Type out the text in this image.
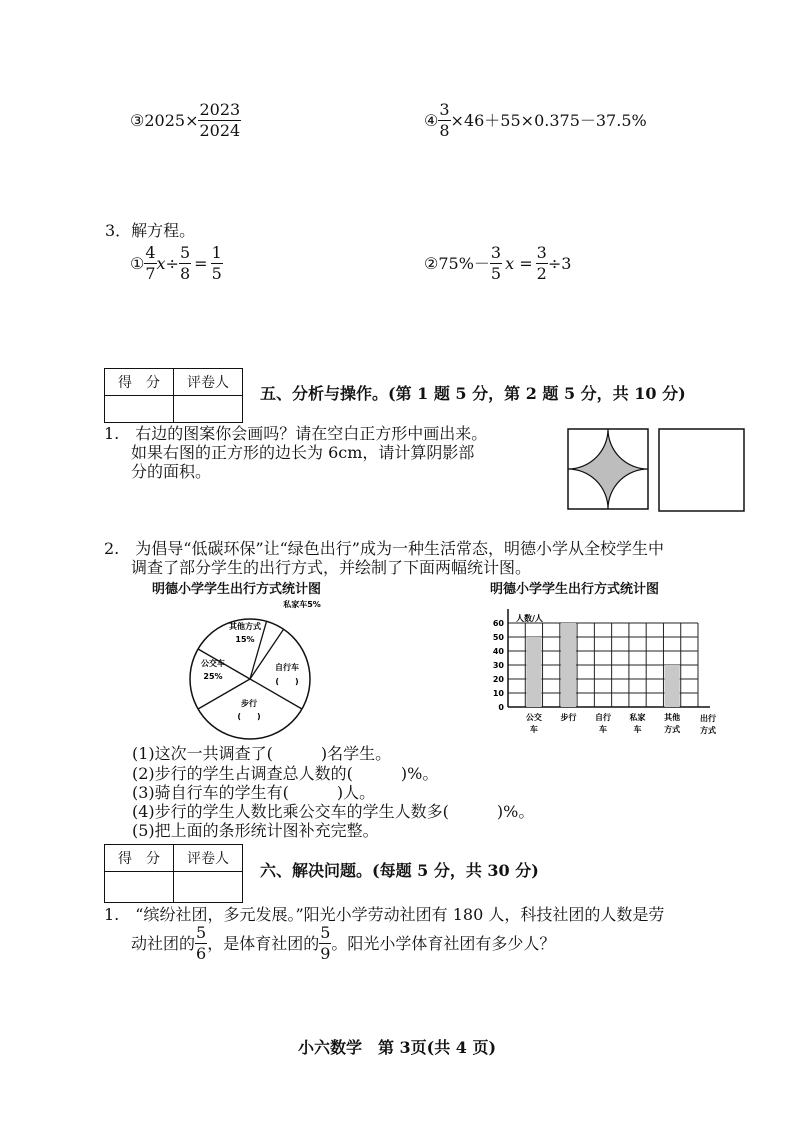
③ $2025\times \frac{2023}{2024}$	④ $\frac{3}{8} \times 46+55\times 0.375-37.5\%$
3．解方程。
① $\frac{4}{7} x\div \frac{5}{8} = \frac{1}{5}$	②75%－ $\frac{3}{5}$ $x = \frac{3}{2} \div 3$
得　分	评卷人

五、分析与操作。(第 1 题 5 分，第 2 题 5 分，共 10 分)
1.　右边的图案你会画吗？请在空白正方形中画出来。
如果右图的正方形的边长为 6cm，请计算阴影部
分的面积。
2.　为倡导“低碳环保”让“绿色出行”成为一种生活常态，明德小学从全校学生中
调查了部分学生的出行方式，并绘制了下面两幅统计图。
明德小学学生出行方式统计图	明德小学学生出行方式统计图
其他方式
15%
私家车5%
自行车
(　　)
步行
(　　)
公交车
25%
人数/人
0
10
20
30
40
50
60
公交
车
步行 自行
车
私家
车
其他
方式
出行
方式
(1)这次一共调查了(　　　)名学生。
(2)步行的学生占调查总人数的(　　　)%。
(3)骑自行车的学生有(　　　)人。
(4)步行的学生人数比乘公交车的学生人数多(　　　)%。
(5)把上面的条形统计图补充完整。
得　分	评卷人

六、解决问题。(每题 5 分，共 30 分)
1.　“缤纷社团，多元发展。”阳光小学劳动社团有 180 人，科技社团的人数是劳
动社团的 $\frac{5}{6}$ ，是体育社团的 $\frac{5}{9}$ 。阳光小学体育社团有多少人？
小六数学　第 3页(共 4 页)
